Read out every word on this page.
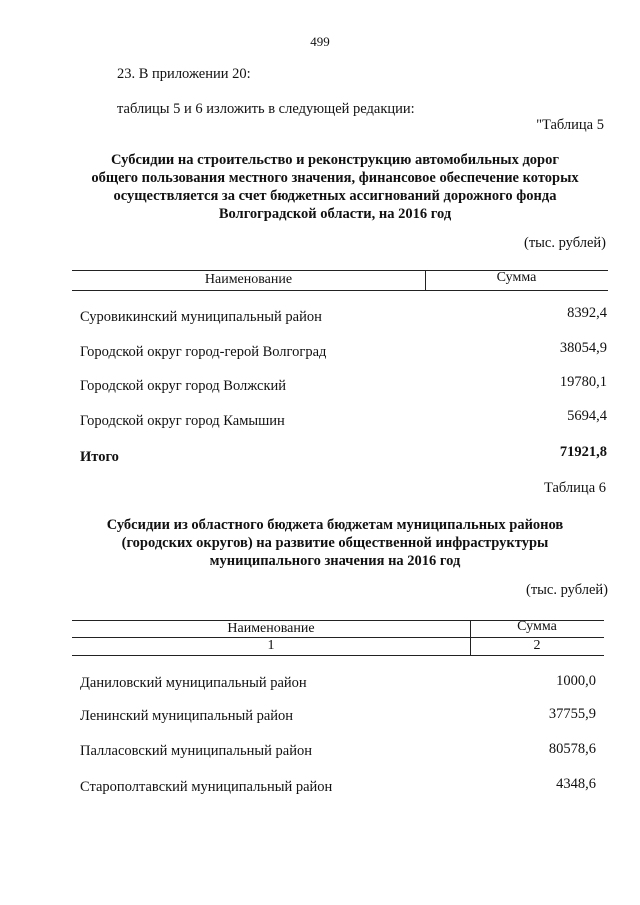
499
23. В приложении 20:
таблицы 5 и 6 изложить в следующей редакции:
"Таблица 5
Субсидии на строительство и реконструкцию автомобильных дорог
общего пользования местного значения, финансовое обеспечение которых
осуществляется за счет бюджетных ассигнований дорожного фонда
Волгоградской области, на 2016 год
(тыс. рублей)
Наименование	Сумма
Суровикинский муниципальный район	8392,4
Городской округ город-герой Волгоград	38054,9
Городской округ город Волжский	19780,1
Городской округ город Камышин	5694,4
Итого	71921,8
Таблица 6
Субсидии из областного бюджета бюджетам муниципальных районов
(городских округов) на развитие общественной инфраструктуры
муниципального значения на 2016 год
(тыс. рублей)
Наименование	Сумма
1	2
Даниловский муниципальный район	1000,0
Ленинский муниципальный район	37755,9
Палласовский муниципальный район	80578,6
Старополтавский муниципальный район	4348,6
